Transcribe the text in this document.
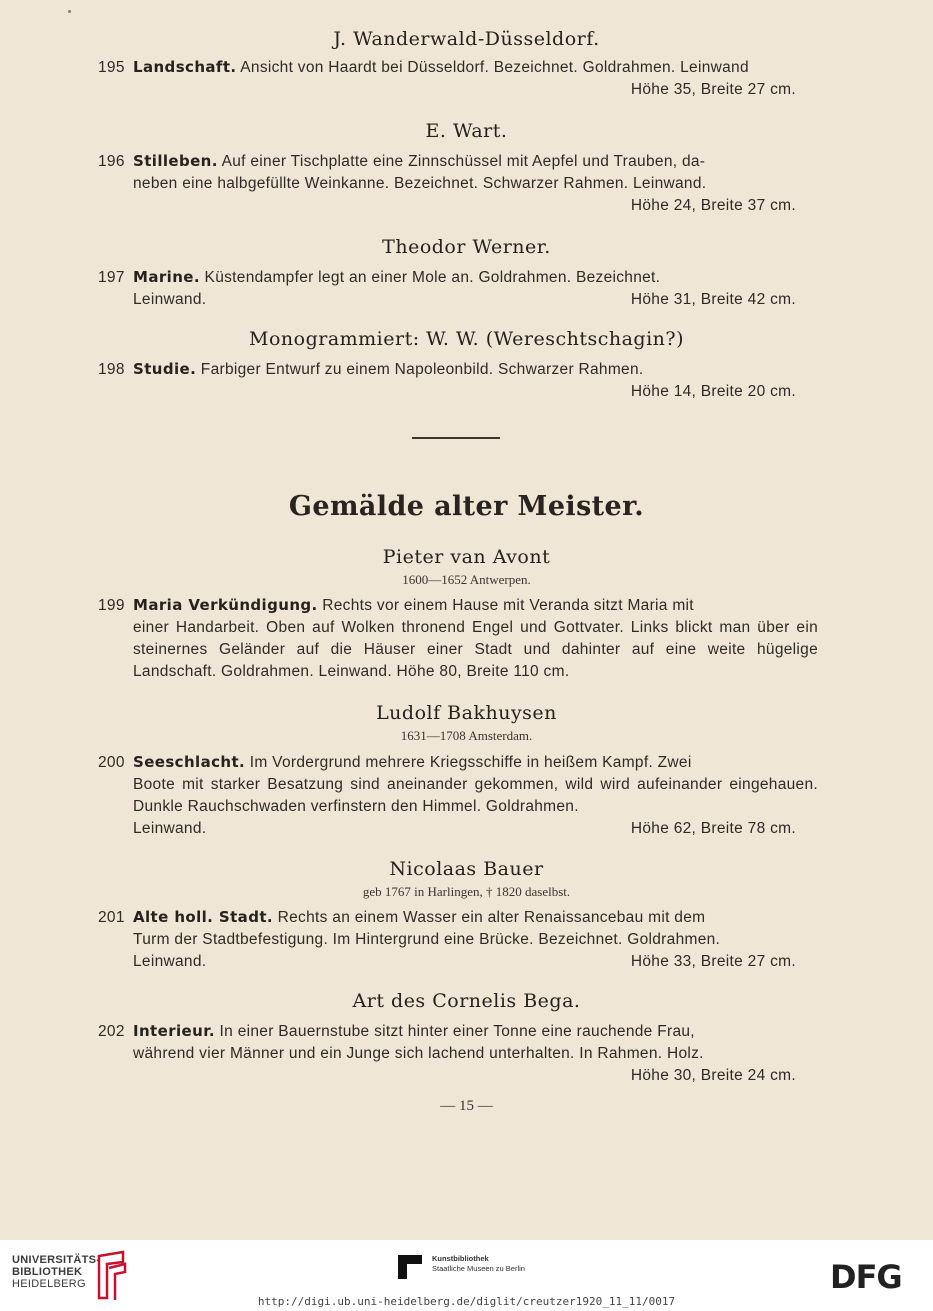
J. Wanderwald-Düsseldorf.
195 Landschaft. Ansicht von Haardt bei Düsseldorf. Bezeichnet. Goldrahmen. Leinwand
Höhe 35, Breite 27 cm.
E. Wart.
196 Stilleben. Auf einer Tischplatte eine Zinnschüssel mit Aepfel und Trauben, da-
neben eine halbgefüllte Weinkanne. Bezeichnet. Schwarzer Rahmen. Leinwand.
Höhe 24, Breite 37 cm.
Theodor Werner.
197 Marine. Küstendampfer legt an einer Mole an. Goldrahmen. Bezeichnet.
Leinwand.	Höhe 31, Breite 42 cm.
Monogrammiert: W. W. (Wereschtschagin?)
198 Studie. Farbiger Entwurf zu einem Napoleonbild. Schwarzer Rahmen.
Höhe 14, Breite 20 cm.
Gemälde alter Meister.
Pieter van Avont
1600—1652 Antwerpen.
199 Maria Verkündigung. Rechts vor einem Hause mit Veranda sitzt Maria mit
einer Handarbeit. Oben auf Wolken thronend Engel und Gottvater. Links blickt man über ein steinernes Geländer auf die Häuser einer Stadt und dahinter auf eine weite hügelige Landschaft. Goldrahmen. Leinwand. Höhe 80, Breite 110 cm.
Ludolf Bakhuysen
1631—1708 Amsterdam.
200 Seeschlacht. Im Vordergrund mehrere Kriegsschiffe in heißem Kampf. Zwei
Boote mit starker Besatzung sind aneinander gekommen, wild wird aufeinander eingehauen. Dunkle Rauchschwaden verfinstern den Himmel. Goldrahmen.
Leinwand.	Höhe 62, Breite 78 cm.
Nicolaas Bauer
geb 1767 in Harlingen, † 1820 daselbst.
201 Alte holl. Stadt. Rechts an einem Wasser ein alter Renaissancebau mit dem
Turm der Stadtbefestigung. Im Hintergrund eine Brücke. Bezeichnet. Goldrahmen.
Leinwand.	Höhe 33, Breite 27 cm.
Art des Cornelis Bega.
202 Interieur. In einer Bauernstube sitzt hinter einer Tonne eine rauchende Frau,
während vier Männer und ein Junge sich lachend unterhalten. In Rahmen. Holz.
Höhe 30, Breite 24 cm.
— 15 —
UNIVERSITÄTS-
BIBLIOTHEK
HEIDELBERG
Kunstbibliothek
Staatliche Museen zu Berlin	DFG
http://digi.ub.uni-heidelberg.de/diglit/creutzer1920_11_11/0017
